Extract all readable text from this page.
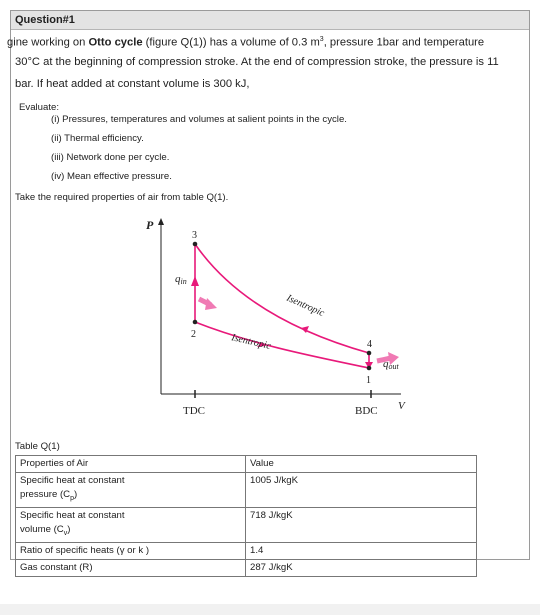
Question#1
gine working on Otto cycle (figure Q(1)) has a volume of 0.3 $m^3$, pressure 1bar and temperature
30°C at the beginning of compression stroke. At the end of compression stroke, the pressure is 11
bar. If heat added at constant volume is 300 kJ,
Evaluate:
(i) Pressures, temperatures and volumes at salient points in the cycle.
(ii) Thermal efficiency.
(iii) Network done per cycle.
(iv) Mean effective pressure.
Take the required properties of air from table Q(1).
P
V
TDC	BDC
3
2
4
1
qin
qout
Isentropic
Isentropic
Table Q(1)
Properties of Air	Value
Specific heat at constant
pressure $(C_p)$	1005 J/kgK
Specific heat at constant
volume $(C_v)$	718 J/kgK
Ratio of specific heats (γ or k )	1.4
Gas constant (R)	287 J/kgK
